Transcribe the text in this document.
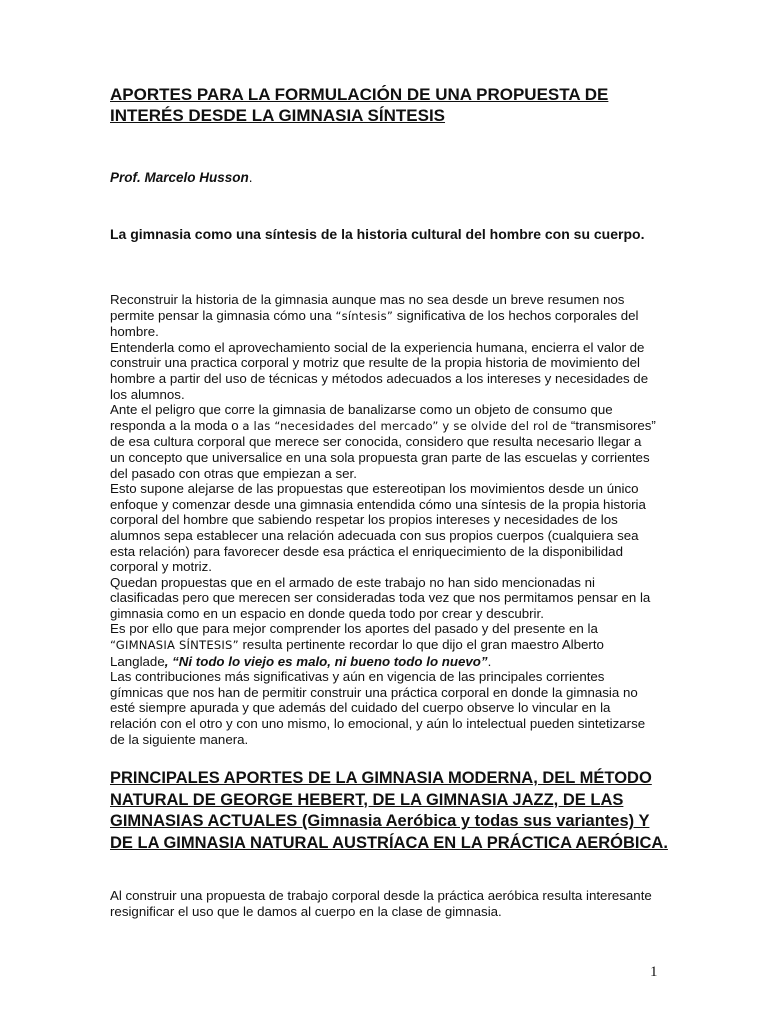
APORTES PARA LA FORMULACIÓN DE UNA PROPUESTA DE INTERÉS DESDE LA GIMNASIA SÍNTESIS

Prof. Marcelo Husson.

La gimnasia como una síntesis de la historia cultural del hombre con su cuerpo.

Reconstruir la historia de la gimnasia aunque mas no sea desde un breve resumen nos permite pensar la gimnasia cómo una “síntesis” significativa de los hechos corporales del hombre.

Entenderla como el aprovechamiento social de la experiencia humana, encierra el valor de construir una practica corporal y motriz que resulte de la propia historia de movimiento del hombre a partir del uso de técnicas y métodos adecuados a los intereses y necesidades de los alumnos.

Ante el peligro que corre la gimnasia de banalizarse como un objeto de consumo que responda a la moda o a las “necesidades del mercado” y se olvide del rol de “transmisores” de esa cultura corporal que merece ser conocida, considero que resulta necesario llegar a un concepto que universalice en una sola propuesta gran parte de las escuelas y corrientes del pasado con otras que empiezan a ser.

Esto supone alejarse de las propuestas que estereotipan los movimientos desde un único enfoque y comenzar desde una gimnasia entendida cómo una síntesis de la propia historia corporal del hombre que sabiendo respetar los propios intereses y necesidades de los alumnos sepa establecer una relación adecuada con sus propios cuerpos (cualquiera sea esta relación) para favorecer desde esa práctica el enriquecimiento de la disponibilidad corporal y motriz.

Quedan propuestas que en el armado de este trabajo no han sido mencionadas ni clasificadas pero que merecen ser consideradas toda vez que nos permitamos pensar en la gimnasia como en un espacio en donde queda todo por crear y descubrir.

Es por ello que para mejor comprender los aportes del pasado y del presente en la “GIMNASIA SÍNTESIS” resulta pertinente recordar lo que dijo el gran maestro Alberto Langlade, “Ni todo lo viejo es malo, ni bueno todo lo nuevo”.

Las contribuciones más significativas y aún en vigencia de las principales corrientes gímnicas que nos han de permitir construir una práctica corporal en donde la gimnasia no esté siempre apurada y que además del cuidado del cuerpo observe lo vincular en la relación con el otro y con uno mismo, lo emocional, y aún lo intelectual pueden sintetizarse de la siguiente manera.

PRINCIPALES APORTES DE LA GIMNASIA MODERNA, DEL MÉTODO NATURAL DE GEORGE HEBERT, DE LA GIMNASIA JAZZ, DE LAS GIMNASIAS ACTUALES (Gimnasia Aeróbica y todas sus variantes) Y DE LA GIMNASIA NATURAL AUSTRÍACA EN LA PRÁCTICA AERÓBICA.

Al construir una propuesta de trabajo corporal desde la práctica aeróbica resulta interesante resignificar el uso que le damos al cuerpo en la clase de gimnasia.

1
